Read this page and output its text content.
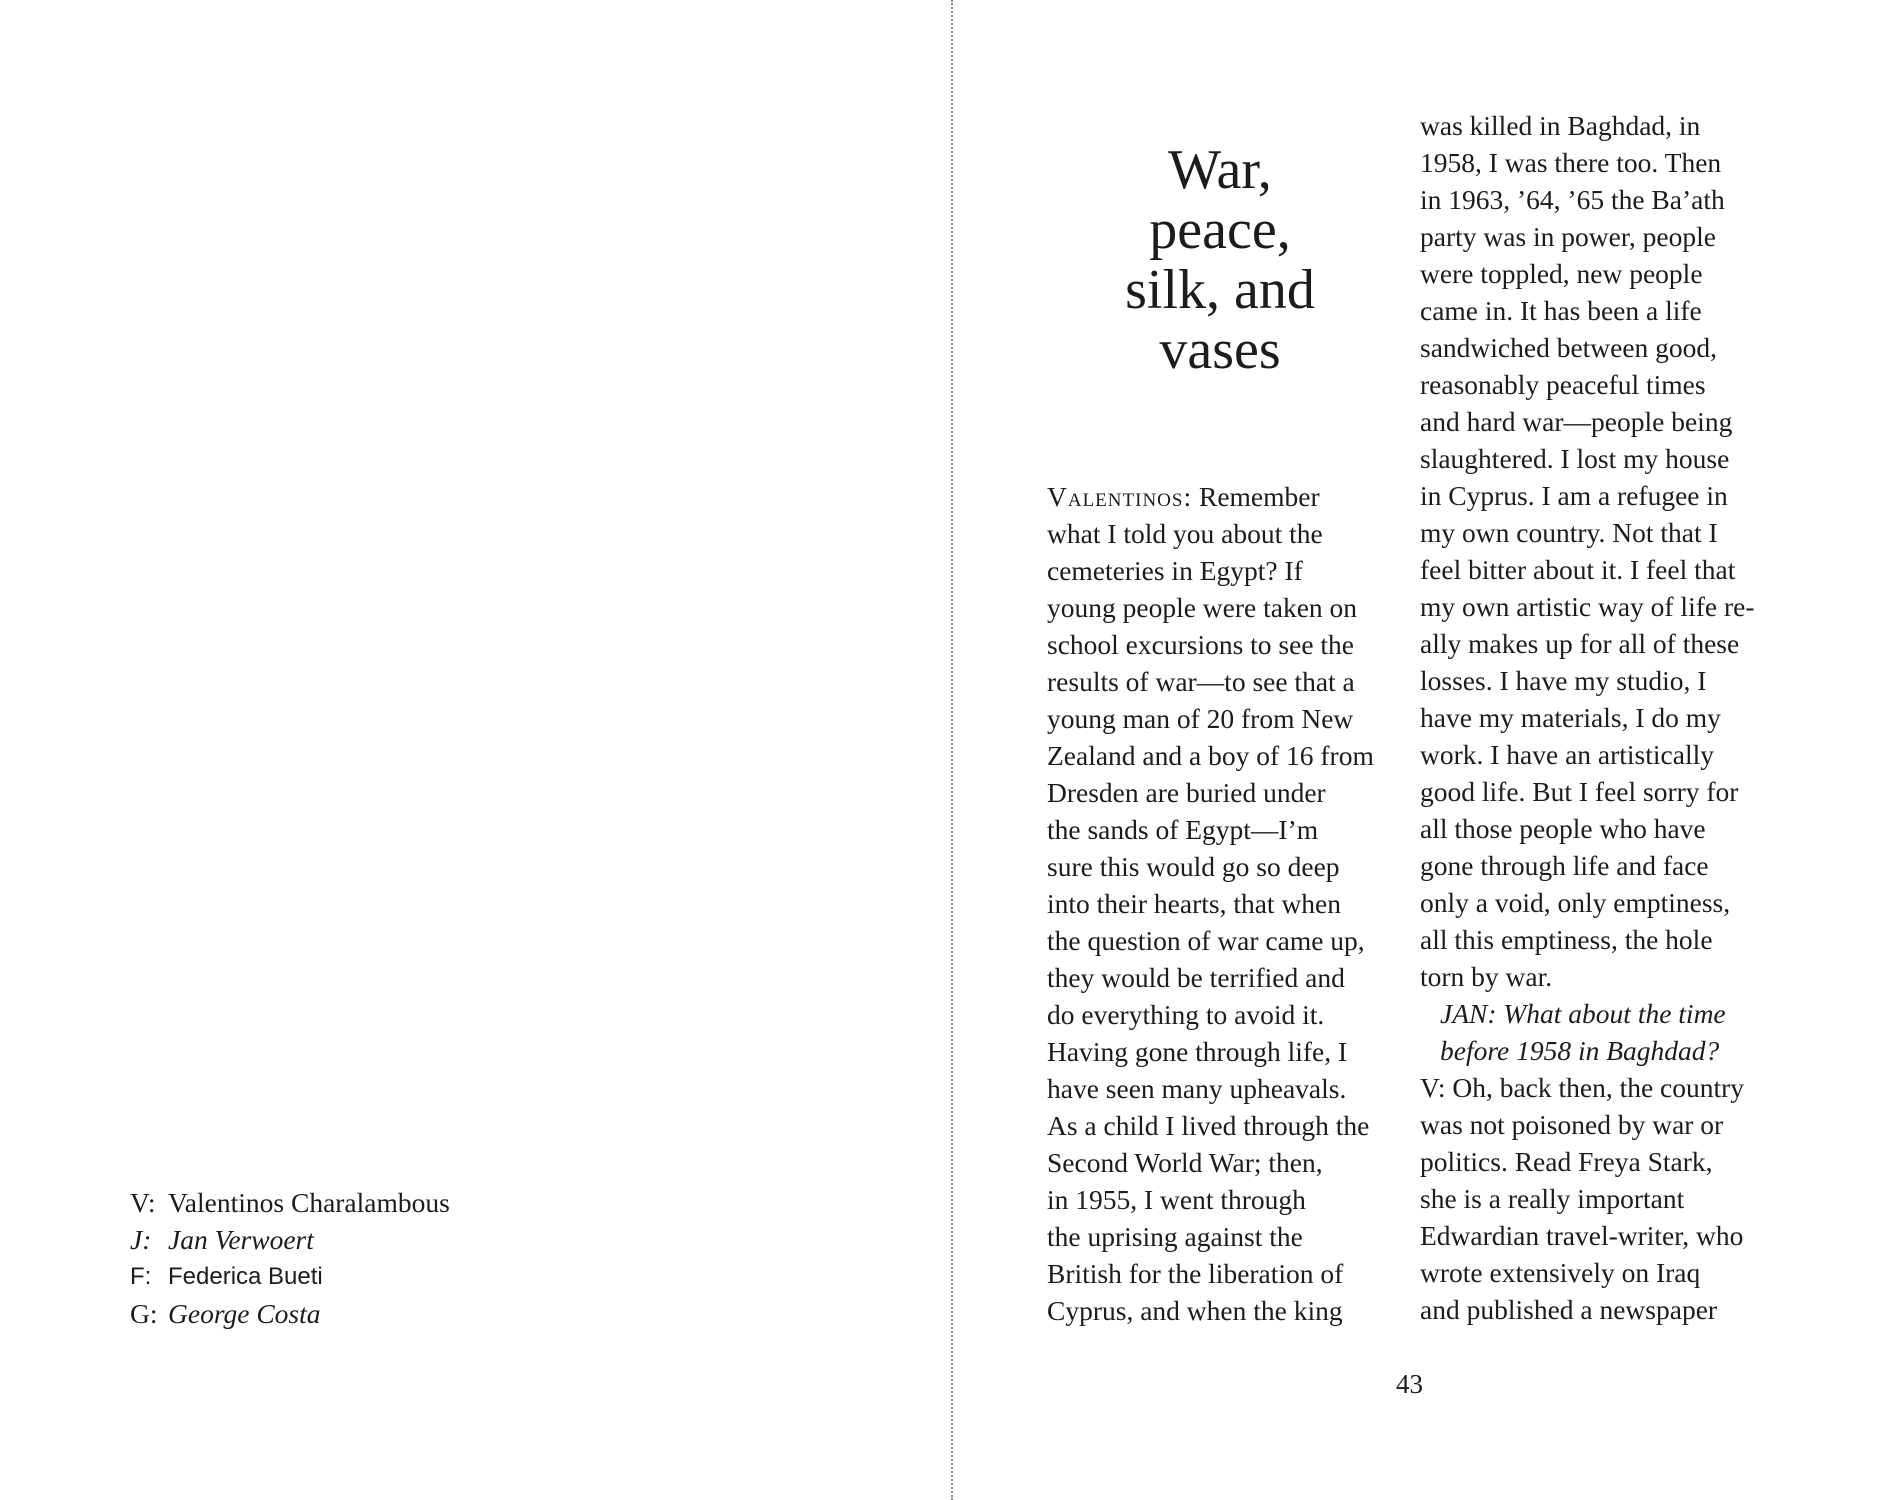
V: Valentinos Charalambous
J: Jan Verwoert
F: Federica Bueti
G: George Costa
War,
peace,
silk, and
vases
Valentinos: Remember
what I told you about the
cemeteries in Egypt? If
young people were taken on
school excursions to see the
results of war—to see that a
young man of 20 from New
Zealand and a boy of 16 from
Dresden are buried under
the sands of Egypt—I’m
sure this would go so deep
into their hearts, that when
the question of war came up,
they would be terrified and
do everything to avoid it.
Having gone through life, I
have seen many upheavals.
As a child I lived through the
Second World War; then,
in 1955, I went through
the uprising against the
British for the liberation of
Cyprus, and when the king
was killed in Baghdad, in
1958, I was there too. Then
in 1963, ’64, ’65 the Ba’ath
party was in power, people
were toppled, new people
came in. It has been a life
sandwiched between good,
reasonably peaceful times
and hard war—people being
slaughtered. I lost my house
in Cyprus. I am a refugee in
my own country. Not that I
feel bitter about it. I feel that
my own artistic way of life re-
ally makes up for all of these
losses. I have my studio, I
have my materials, I do my
work. I have an artistically
good life. But I feel sorry for
all those people who have
gone through life and face
only a void, only emptiness,
all this emptiness, the hole
torn by war.
JAN: What about the time
before 1958 in Baghdad?
V: Oh, back then, the country
was not poisoned by war or
politics. Read Freya Stark,
she is a really important
Edwardian travel-writer, who
wrote extensively on Iraq
and published a newspaper
43
